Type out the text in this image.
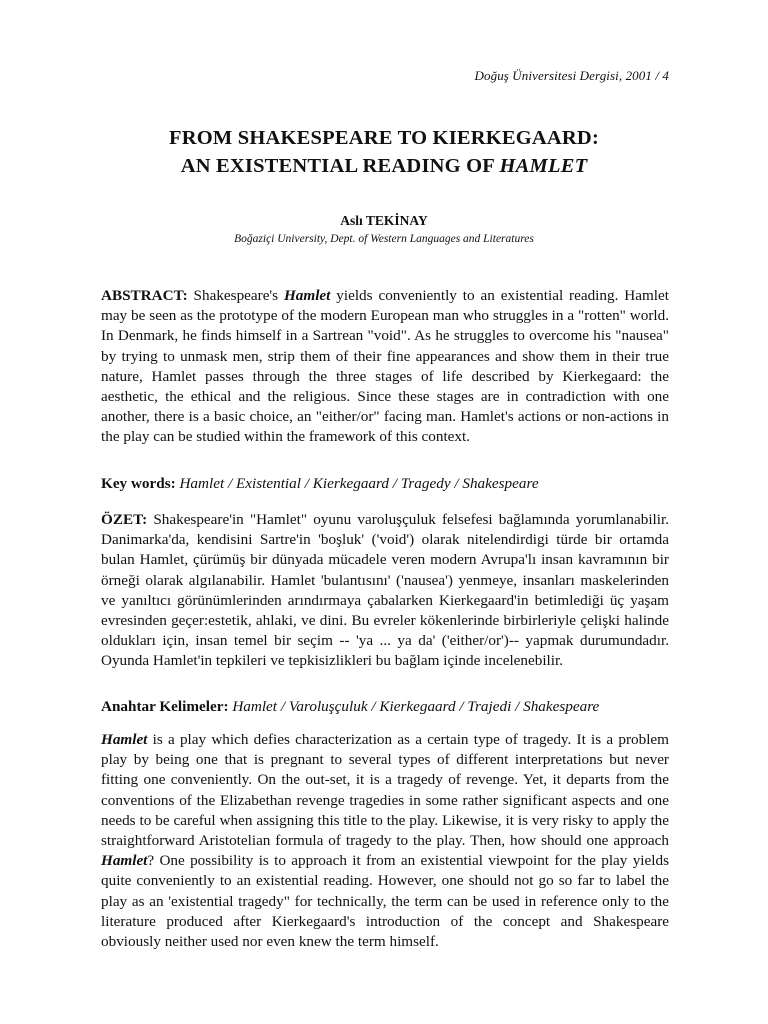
Doğuş Üniversitesi Dergisi, 2001 / 4
FROM SHAKESPEARE TO KIERKEGAARD:
AN EXISTENTIAL READING OF HAMLET
Aslı TEKİNAY
Boğaziçi University, Dept. of Western Languages and Literatures

ABSTRACT: Shakespeare's Hamlet yields conveniently to an existential reading. Hamlet may be seen as the prototype of the modern European man who struggles in a "rotten" world. In Denmark, he finds himself in a Sartrean "void". As he struggles to overcome his "nausea" by trying to unmask men, strip them of their fine appearances and show them in their true nature, Hamlet passes through the three stages of life described by Kierkegaard: the aesthetic, the ethical and the religious. Since these stages are in contradiction with one another, there is a basic choice, an "either/or" facing man. Hamlet's actions or non-actions in the play can be studied within the framework of this context.

Key words: Hamlet / Existential / Kierkegaard / Tragedy / Shakespeare

ÖZET: Shakespeare'in "Hamlet" oyunu varoluşçuluk felsefesi bağlamında yorumlanabilir. Danimarka'da, kendisini Sartre'in 'boşluk' ('void') olarak nitelendirdigi türde bir ortamda bulan Hamlet, çürümüş bir dünyada mücadele veren modern Avrupa'lı insan kavramının bir örneği olarak algılanabilir. Hamlet 'bulantısını' ('nausea') yenmeye, insanları maskelerinden ve yanıltıcı görünümlerinden arındırmaya çabalarken Kierkegaard'in betimlediği üç yaşam evresinden geçer:estetik, ahlaki, ve dini. Bu evreler kökenlerinde birbirleriyle çelişki halinde oldukları için, insan temel bir seçim -- 'ya ... ya da' ('either/or')-- yapmak durumundadır. Oyunda Hamlet'in tepkileri ve tepkisizlikleri bu bağlam içinde incelenebilir.

Anahtar Kelimeler: Hamlet / Varoluşçuluk / Kierkegaard / Trajedi / Shakespeare

Hamlet is a play which defies characterization as a certain type of tragedy. It is a problem play by being one that is pregnant to several types of different interpretations but never fitting one conveniently. On the out-set, it is a tragedy of revenge. Yet, it departs from the conventions of the Elizabethan revenge tragedies in some rather significant aspects and one needs to be careful when assigning this title to the play. Likewise, it is very risky to apply the straightforward Aristotelian formula of tragedy to the play. Then, how should one approach Hamlet? One possibility is to approach it from an existential viewpoint for the play yields quite conveniently to an existential reading. However, one should not go so far to label the play as an 'existential tragedy" for technically, the term can be used in reference only to the literature produced after Kierkegaard's introduction of the concept and Shakespeare obviously neither used nor even knew the term himself.
